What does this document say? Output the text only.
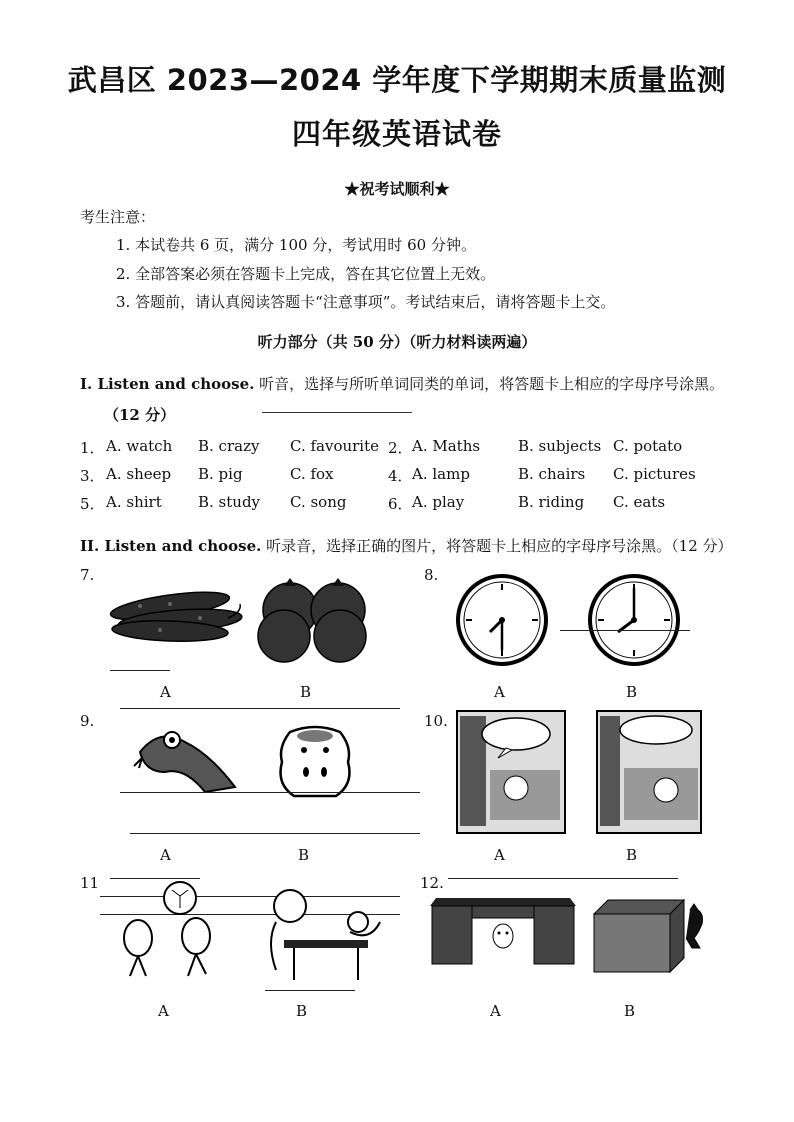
武昌区 2023—2024 学年度下学期期末质量监测
四年级英语试卷
★祝考试顺利★
考生注意：
1. 本试卷共 6 页，满分 100 分，考试用时 60 分钟。
2. 全部答案必须在答题卡上完成，答在其它位置上无效。
3. 答题前，请认真阅读答题卡“注意事项”。考试结束后，请将答题卡上交。
听力部分（共 50 分）（听力材料读两遍）
I. Listen and choose. 听音，选择与所听单词同类的单词，将答题卡上相应的字母序号涂黑。
（12 分）
1． A. watch B. crazy C. favourite 2． A. Maths	B. subjects C. potato
3． A. sheep B. pig	C. fox	4． A. lamp	B. chairs C. pictures
5． A. shirt B. study C. song	6． A. play	B. riding C. eats
II. Listen and choose. 听录音，选择正确的图片，将答题卡上相应的字母序号涂黑。（12 分）
7.
A	B
8.
A	B
9.
A	B
10.
A	B
11
A	B
12.
A	B
